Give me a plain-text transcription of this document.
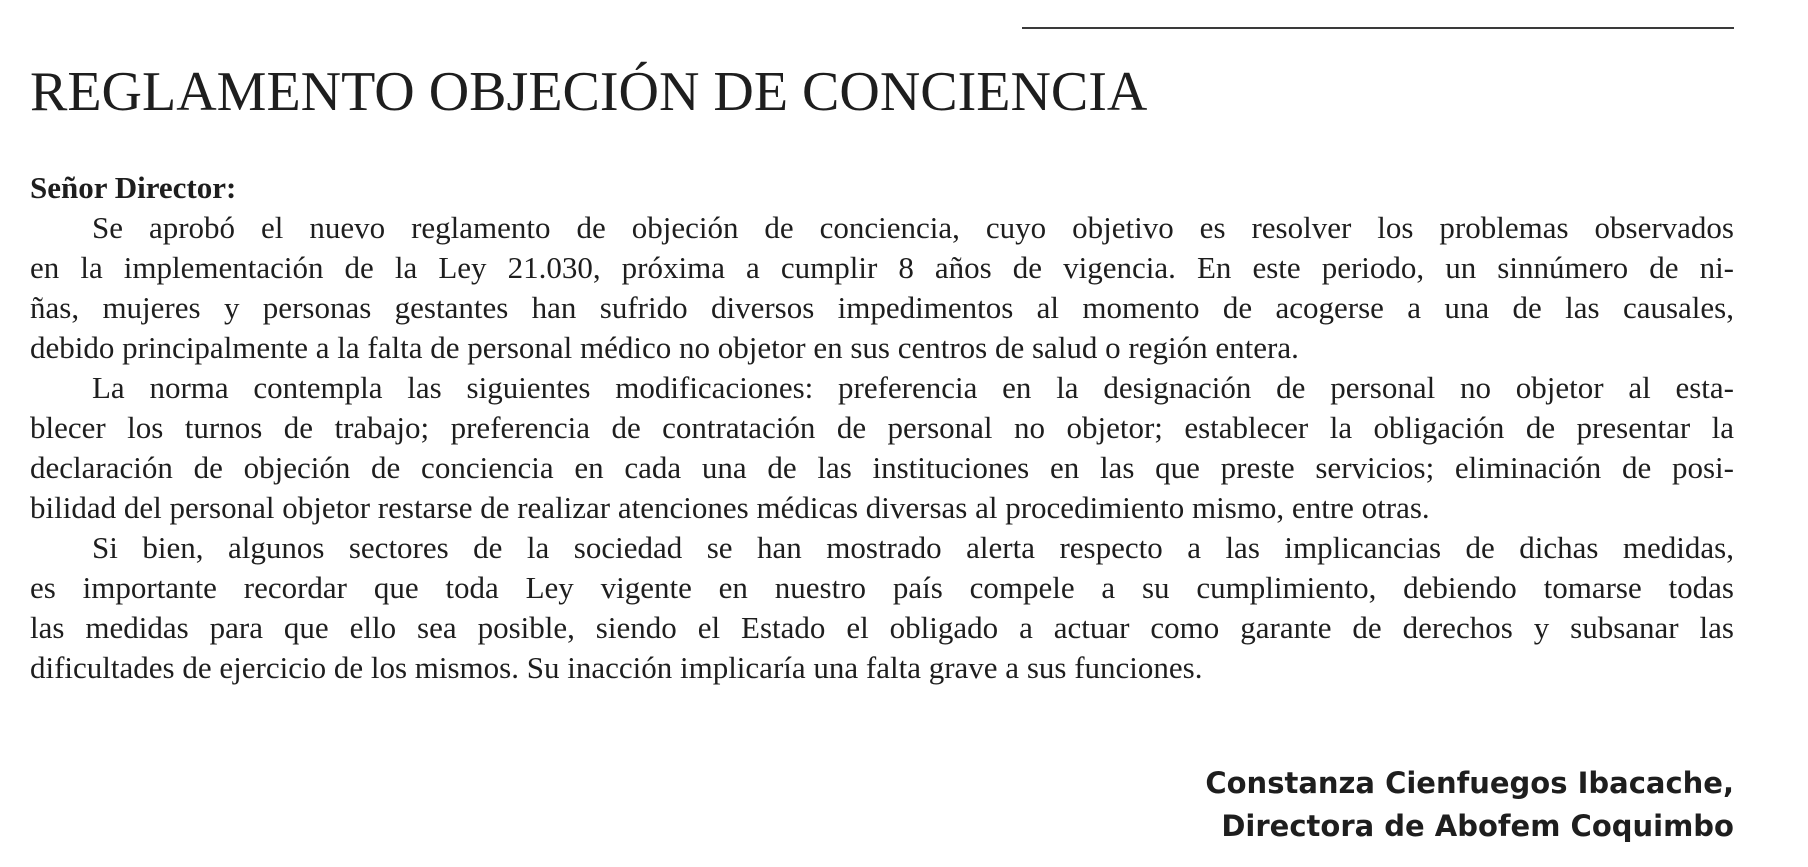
REGLAMENTO OBJECIÓN DE CONCIENCIA
Señor Director:
Se aprobó el nuevo reglamento de objeción de conciencia, cuyo objetivo es resolver los problemas observados
en la implementación de la Ley 21.030, próxima a cumplir 8 años de vigencia. En este periodo, un sinnúmero de ni-
ñas, mujeres y personas gestantes han sufrido diversos impedimentos al momento de acogerse a una de las causales,
debido principalmente a la falta de personal médico no objetor en sus centros de salud o región entera.
La norma contempla las siguientes modificaciones: preferencia en la designación de personal no objetor al esta-
blecer los turnos de trabajo; preferencia de contratación de personal no objetor; establecer la obligación de presentar la
declaración de objeción de conciencia en cada una de las instituciones en las que preste servicios; eliminación de posi-
bilidad del personal objetor restarse de realizar atenciones médicas diversas al procedimiento mismo, entre otras.
Si bien, algunos sectores de la sociedad se han mostrado alerta respecto a las implicancias de dichas medidas,
es importante recordar que toda Ley vigente en nuestro país compele a su cumplimiento, debiendo tomarse todas
las medidas para que ello sea posible, siendo el Estado el obligado a actuar como garante de derechos y subsanar las
dificultades de ejercicio de los mismos. Su inacción implicaría una falta grave a sus funciones.
Constanza Cienfuegos Ibacache,
Directora de Abofem Coquimbo
